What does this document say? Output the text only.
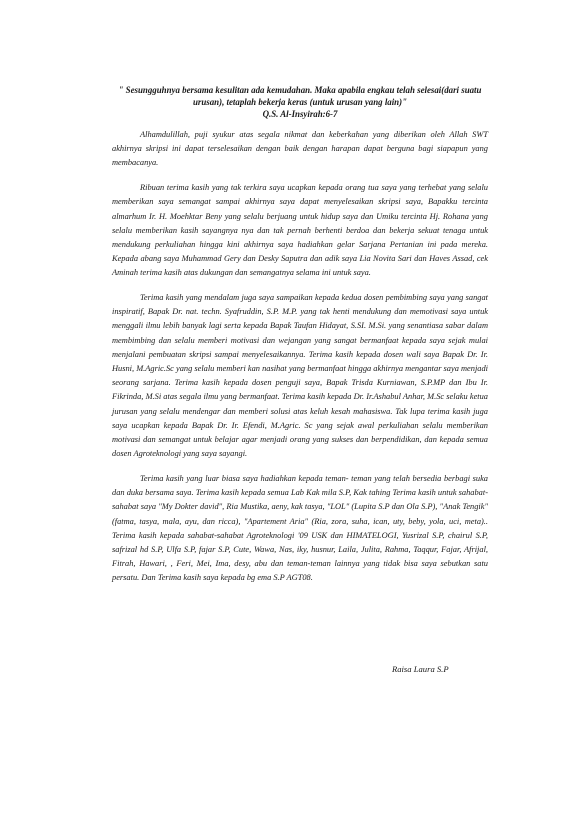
" Sesungguhnya bersama kesulitan ada kemudahan. Maka apabila engkau telah selesai(dari suatu urusan), tetaplah bekerja keras (untuk urusan yang lain)"
Q.S. Al-Insyirah:6-7

Alhamdulillah, puji syukur atas segala nikmat dan keberkahan yang diberikan oleh Allah SWT akhirnya skripsi ini dapat terselesaikan dengan baik dengan harapan dapat berguna bagi siapapun yang membacanya.

Ribuan terima kasih yang tak terkira saya ucapkan kepada orang tua saya yang terhebat yang selalu memberikan saya semangat sampai akhirnya saya dapat menyelesaikan skripsi saya, Bapakku tercinta almarhum Ir. H. Moehktar Beny yang selalu berjuang untuk hidup saya dan Umiku tercinta Hj. Rohana yang selalu memberikan kasih sayangnya nya dan tak pernah berhenti berdoa dan bekerja sekuat tenaga untuk mendukung perkuliahan hingga kini akhirnya saya hadiahkan gelar Sarjana Pertanian ini pada mereka. Kepada abang saya Muhammad Gery dan Desky Saputra dan adik saya Lia Novita Sari dan Haves Assad, cek Aminah terima kasih atas dukungan dan semangatnya selama ini untuk saya.

Terima kasih yang mendalam juga saya sampaikan kepada kedua dosen pembimbing saya yang sangat inspiratif, Bapak Dr. nat. techn. Syafruddin, S.P. M.P. yang tak henti mendukung dan memotivasi saya untuk menggali ilmu lebih banyak lagi serta kepada Bapak Taufan Hidayat, S.SI. M.Si. yang senantiasa sabar dalam membimbing dan selalu memberi motivasi dan wejangan yang sangat bermanfaat kepada saya sejak mulai menjalani pembuatan skripsi sampai menyelesaikannya. Terima kasih kepada dosen wali saya Bapak Dr. Ir. Husni, M.Agric.Sc yang selalu memberi kan nasihat yang bermanfaat hingga akhirnya mengantar saya menjadi seorang sarjana. Terima kasih kepada dosen penguji saya, Bapak Trisda Kurniawan, S.P.MP dan Ibu Ir. Fikrinda, M.Si atas segala ilmu yang bermanfaat. Terima kasih kepada Dr. Ir.Ashabul Anhar, M.Sc selaku ketua jurusan yang selalu mendengar dan memberi solusi atas keluh kesah mahasiswa. Tak lupa terima kasih juga saya ucapkan kepada Bapak Dr. Ir. Efendi, M.Agric. Sc yang sejak awal perkuliahan selalu memberikan motivasi dan semangat untuk belajar agar menjadi orang yang sukses dan berpendidikan, dan kepada semua dosen Agroteknologi yang saya sayangi.

Terima kasih yang luar biasa saya hadiahkan kepada teman- teman yang telah bersedia berbagi suka dan duka bersama saya. Terima kasih kepada semua Lab Kak mila S.P, Kak tahing Terima kasih untuk sahabat- sahabat saya "My Dokter david", Ria Mustika, aeny, kak tasya, "LOL" (Lupita S.P dan Ola S.P), "Anak Tengik" (fatma, tasya, mala, ayu, dan ricca), "Apartement Aria" (Ria, zora, suha, ican, uty, beby, yola, uci, meta).. Terima kasih kepada sahabat-sahabat Agroteknologi '09 USK dan HIMATELOGI, Yusrizal S.P, chairul S.P, safrizal hd S.P, Ulfa S.P, fajar S.P, Cute, Wawa, Nas, iky, husnur, Laila, Julita, Rahma, Taqqur, Fajar, Afrijal, Fitrah, Hawari, , Feri, Mei, Ima, desy, abu dan teman-teman lainnya yang tidak bisa saya sebutkan satu persatu. Dan Terima kasih saya kepada bg ema S.P AGT08.

Raisa Laura S.P
